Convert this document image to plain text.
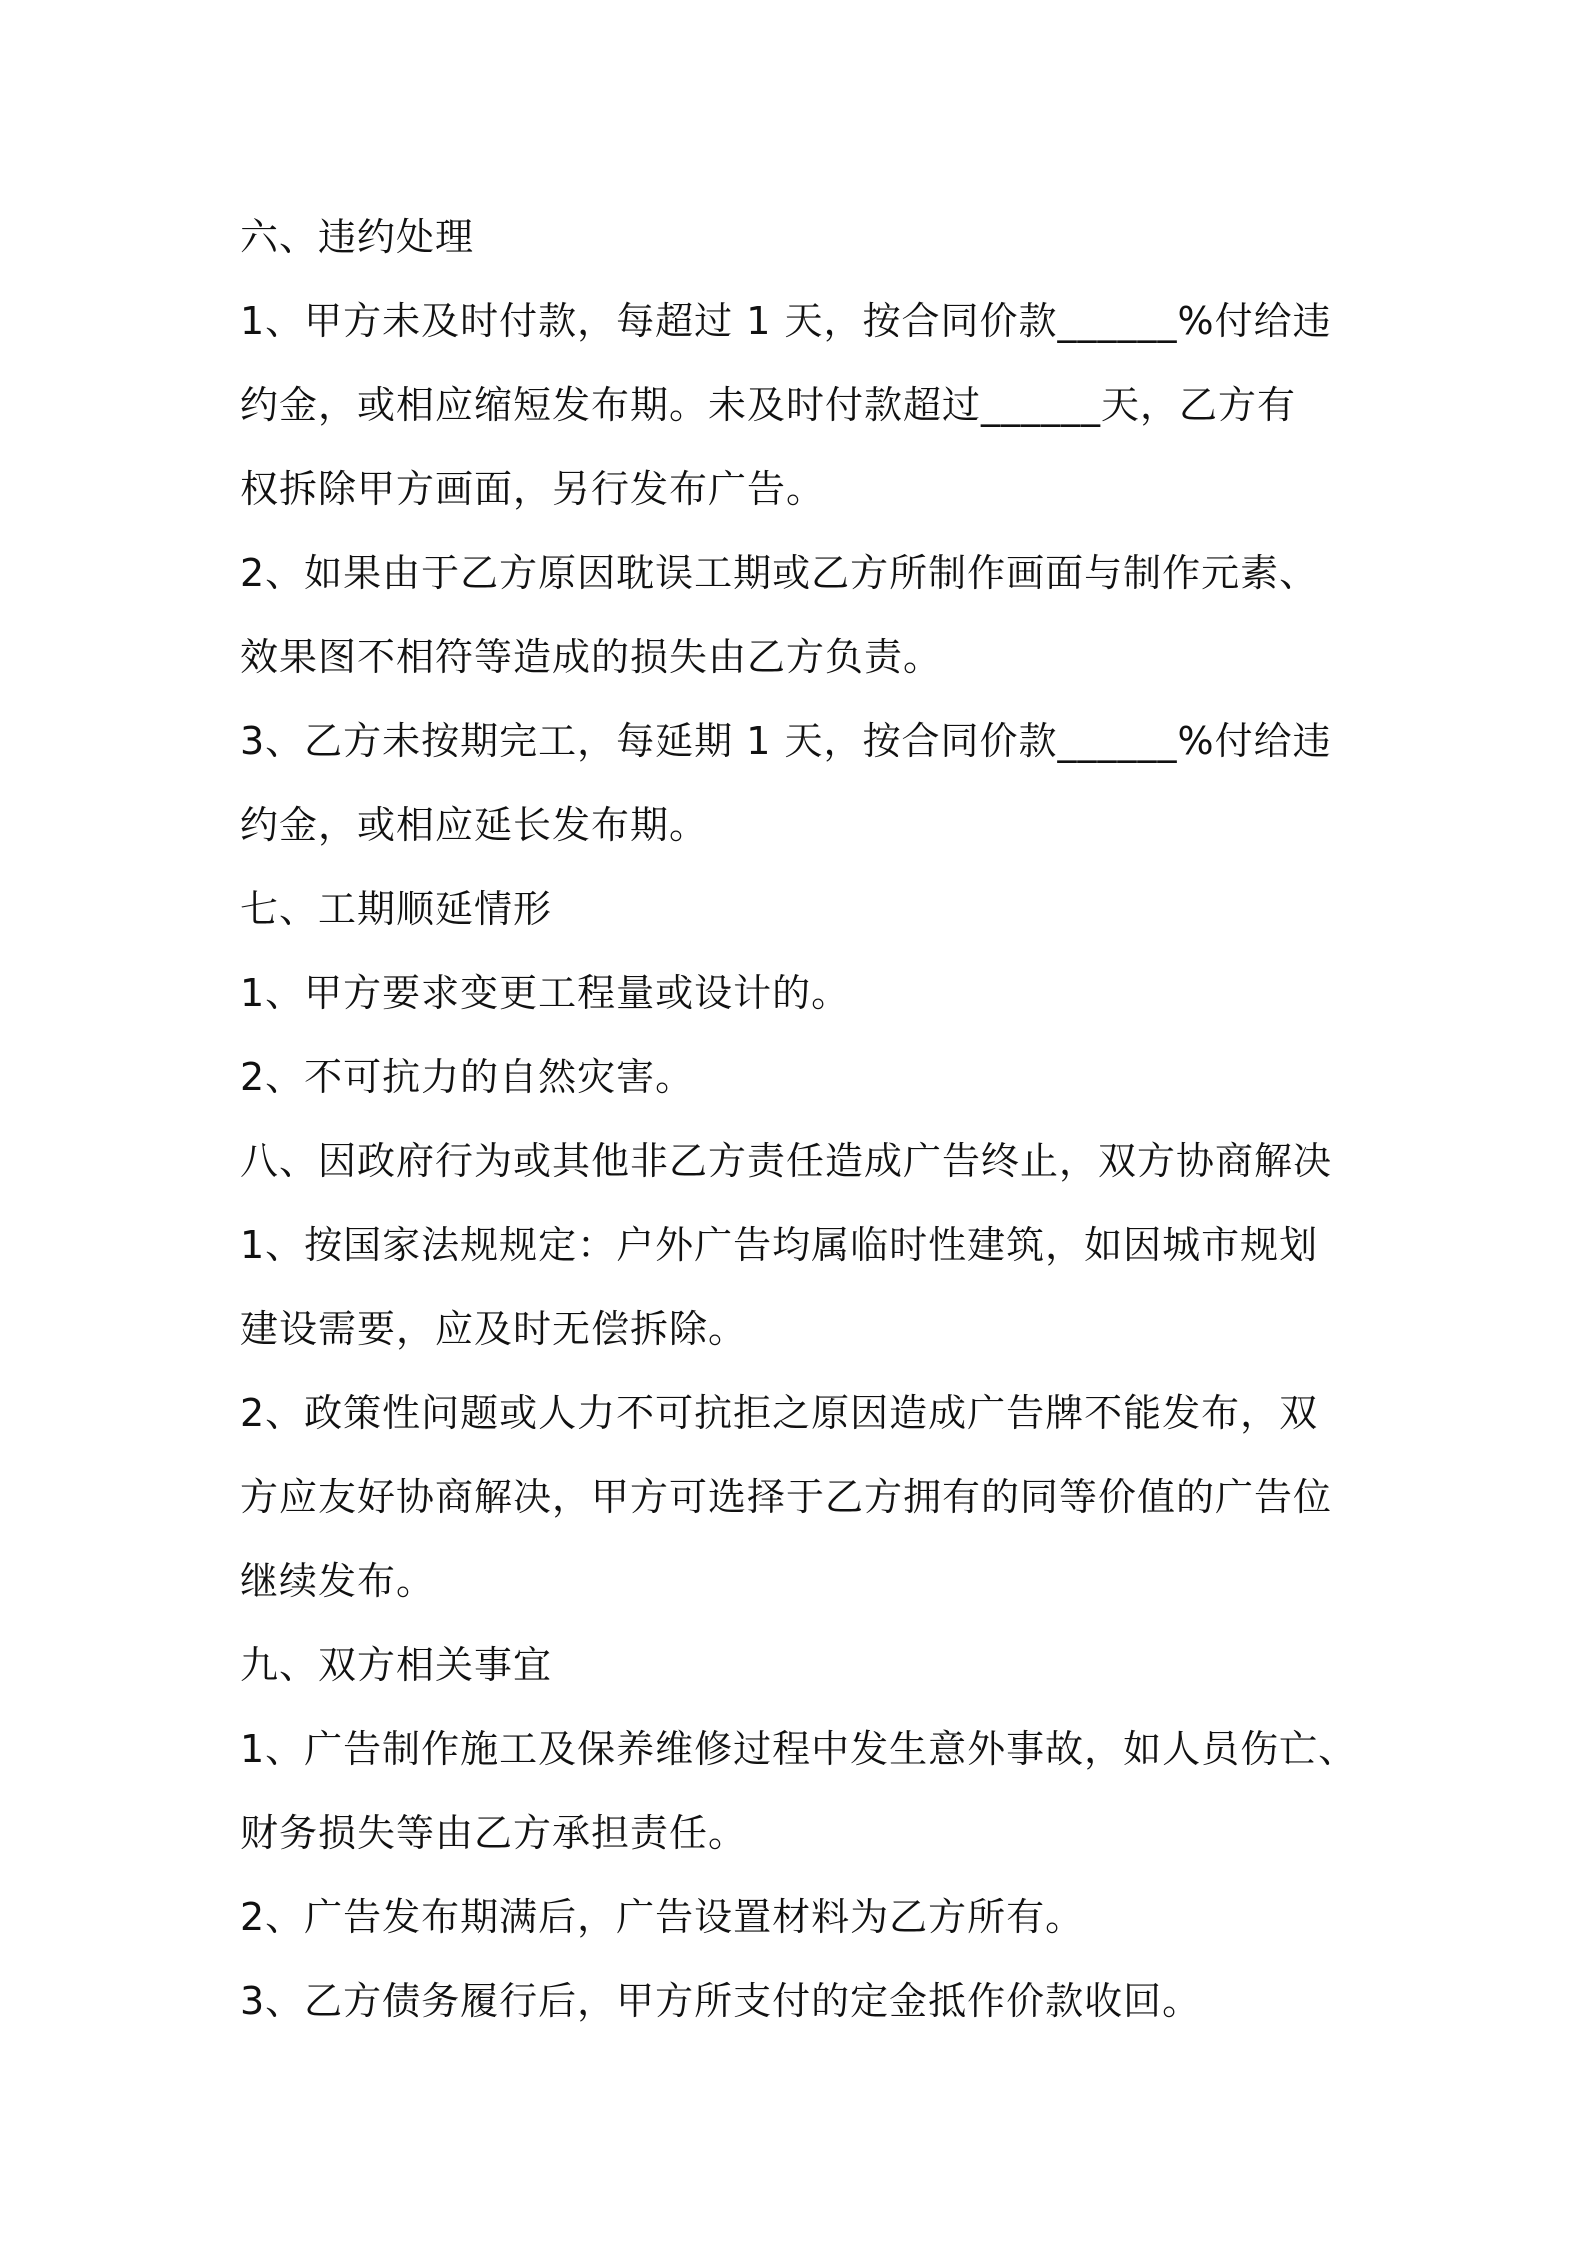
六、违约处理
1、甲方未及时付款，每超过 1 天，按合同价款______%付给违
约金，或相应缩短发布期。未及时付款超过______天，乙方有
权拆除甲方画面，另行发布广告。
2、如果由于乙方原因耽误工期或乙方所制作画面与制作元素、
效果图不相符等造成的损失由乙方负责。
3、乙方未按期完工，每延期 1 天，按合同价款______%付给违
约金，或相应延长发布期。
七、工期顺延情形
1、甲方要求变更工程量或设计的。
2、不可抗力的自然灾害。
八、因政府行为或其他非乙方责任造成广告终止，双方协商解决
1、按国家法规规定：户外广告均属临时性建筑，如因城市规划
建设需要，应及时无偿拆除。
2、政策性问题或人力不可抗拒之原因造成广告牌不能发布，双
方应友好协商解决，甲方可选择于乙方拥有的同等价值的广告位
继续发布。
九、双方相关事宜
1、广告制作施工及保养维修过程中发生意外事故，如人员伤亡、
财务损失等由乙方承担责任。
2、广告发布期满后，广告设置材料为乙方所有。
3、乙方债务履行后，甲方所支付的定金抵作价款收回。
